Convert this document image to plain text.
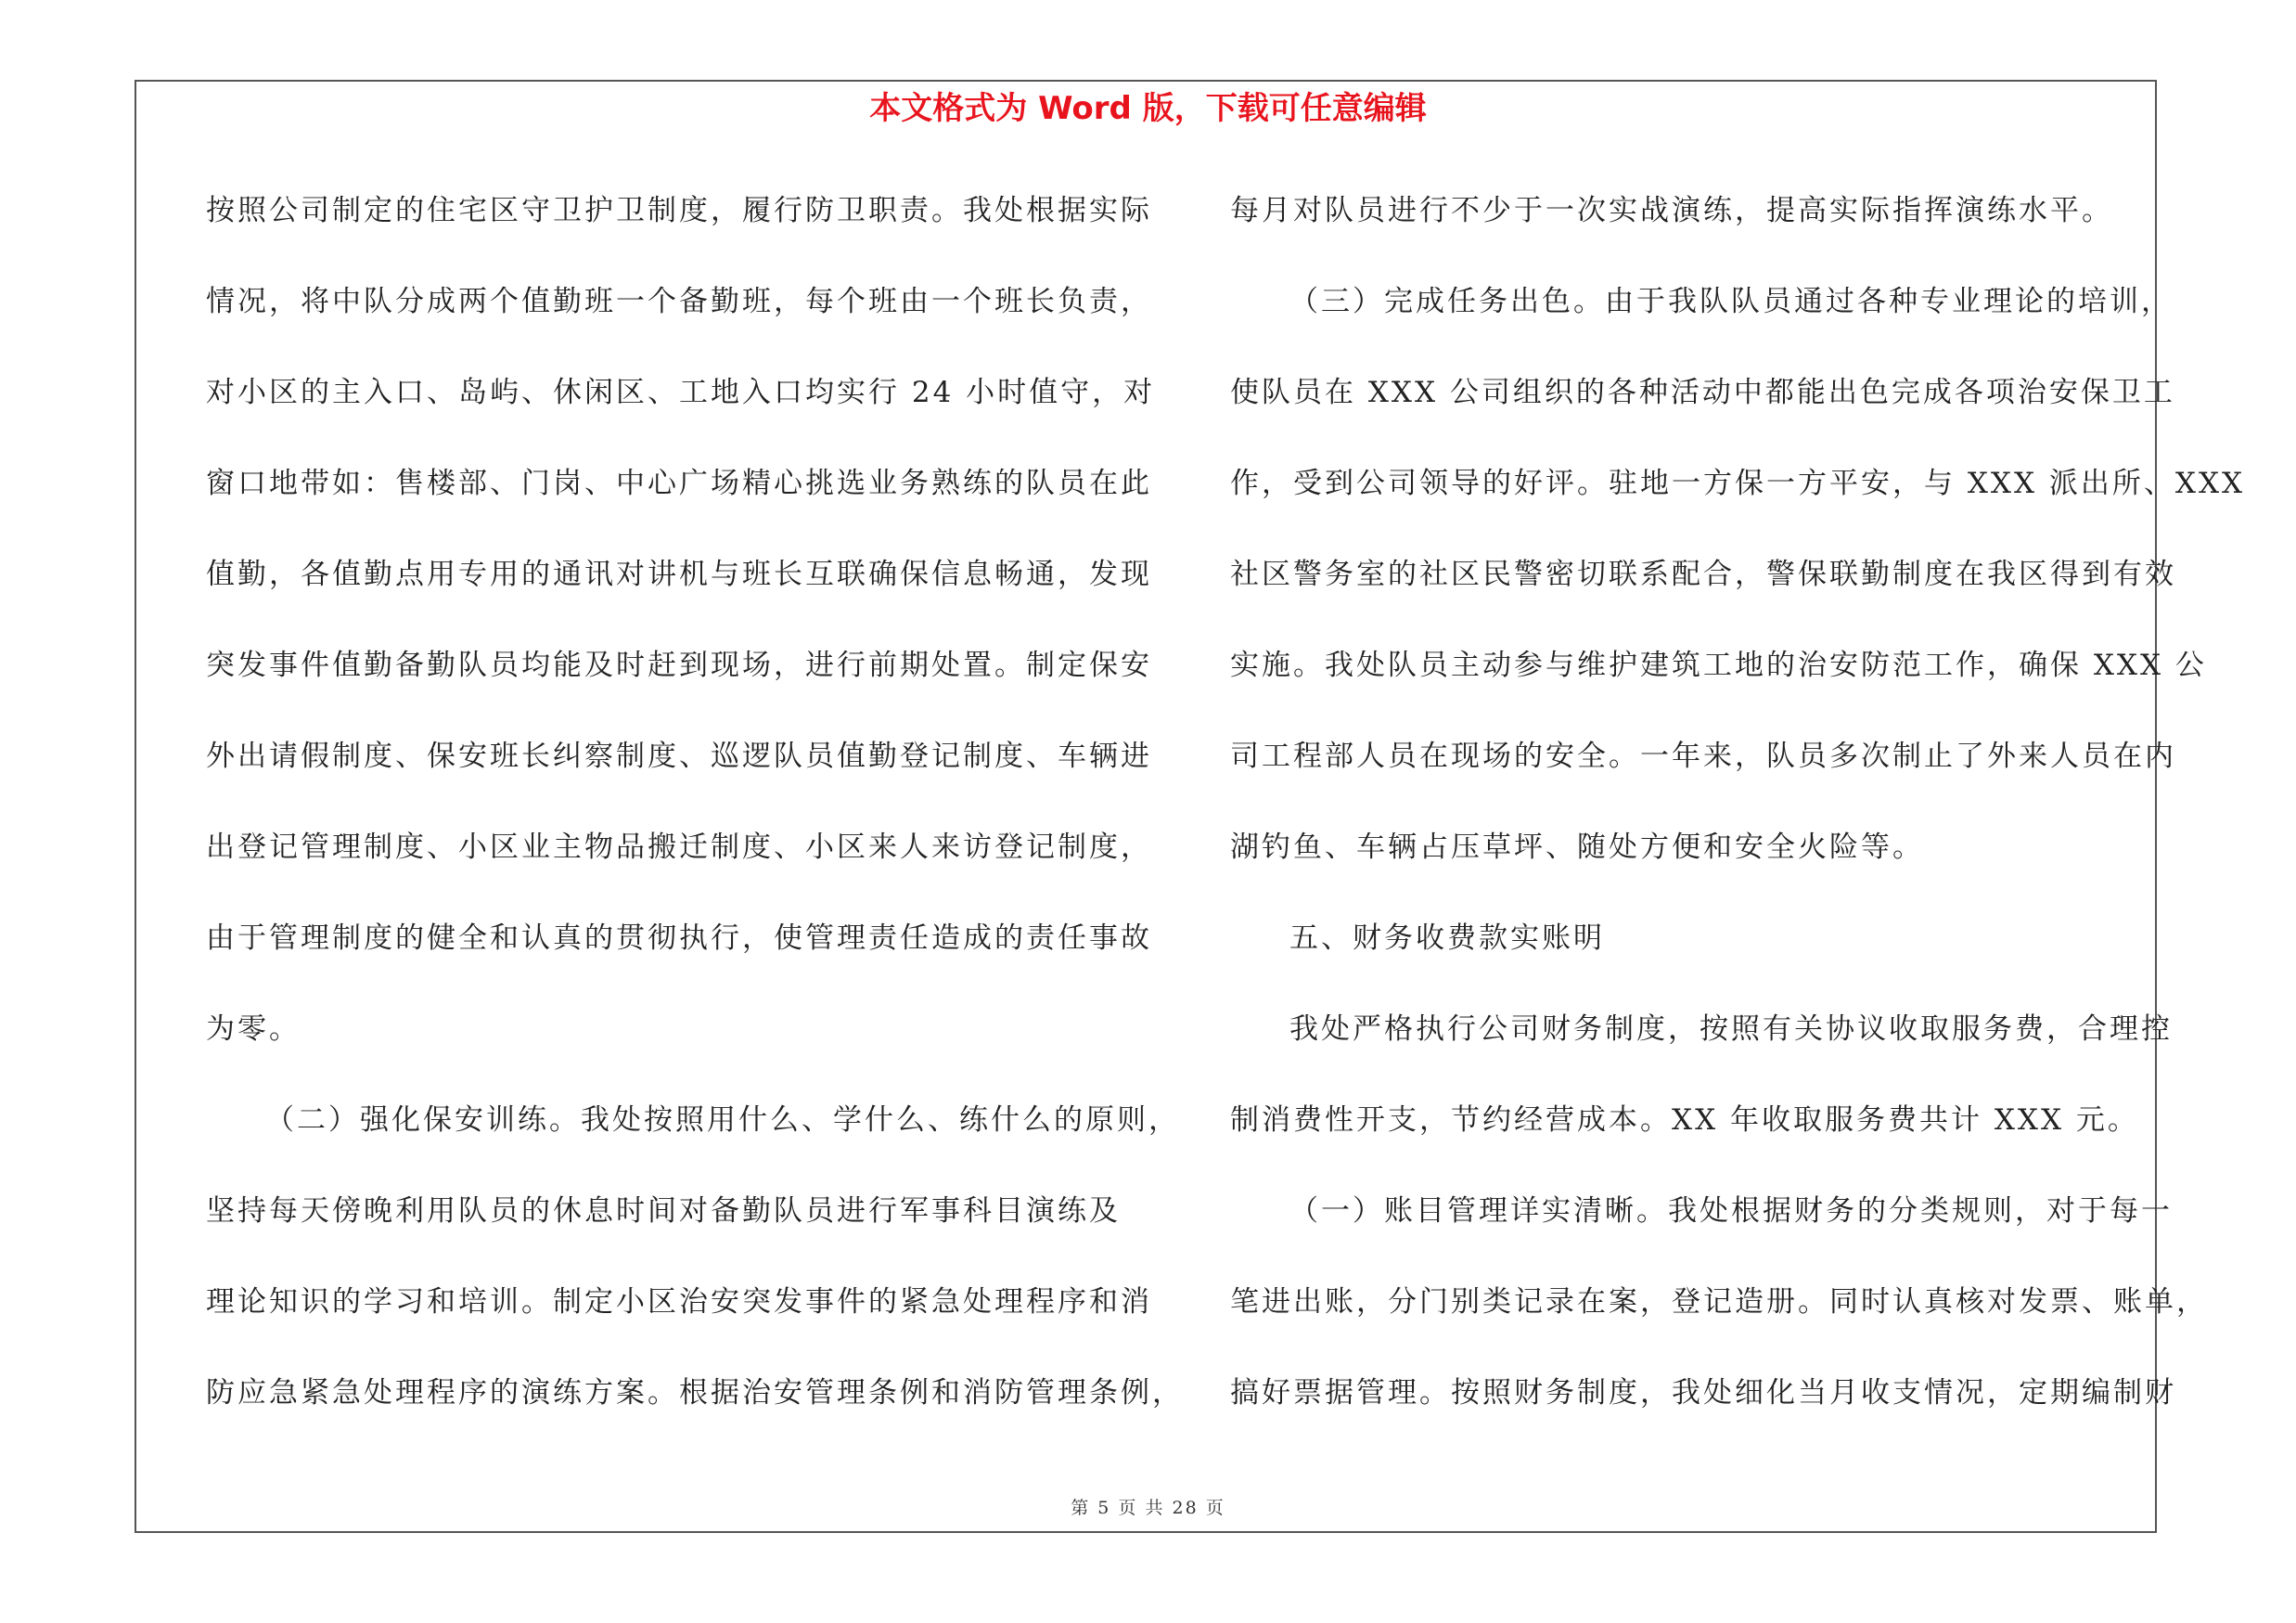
本文格式为 Word 版，下载可任意编辑
按照公司制定的住宅区守卫护卫制度，履行防卫职责。我处根据实际
情况，将中队分成两个值勤班一个备勤班，每个班由一个班长负责，
对小区的主入口、岛屿、休闲区、工地入口均实行 24 小时值守，对
窗口地带如：售楼部、门岗、中心广场精心挑选业务熟练的队员在此
值勤，各值勤点用专用的通讯对讲机与班长互联确保信息畅通，发现
突发事件值勤备勤队员均能及时赶到现场，进行前期处置。制定保安
外出请假制度、保安班长纠察制度、巡逻队员值勤登记制度、车辆进
出登记管理制度、小区业主物品搬迁制度、小区来人来访登记制度，
由于管理制度的健全和认真的贯彻执行，使管理责任造成的责任事故
为零。
（二）强化保安训练。我处按照用什么、学什么、练什么的原则，
坚持每天傍晚利用队员的休息时间对备勤队员进行军事科目演练及
理论知识的学习和培训。制定小区治安突发事件的紧急处理程序和消
防应急紧急处理程序的演练方案。根据治安管理条例和消防管理条例，
每月对队员进行不少于一次实战演练，提高实际指挥演练水平。
（三）完成任务出色。由于我队队员通过各种专业理论的培训，
使队员在 XXX 公司组织的各种活动中都能出色完成各项治安保卫工
作，受到公司领导的好评。驻地一方保一方平安，与 XXX 派出所、XXX
社区警务室的社区民警密切联系配合，警保联勤制度在我区得到有效
实施。我处队员主动参与维护建筑工地的治安防范工作，确保 XXX 公
司工程部人员在现场的安全。一年来，队员多次制止了外来人员在内
湖钓鱼、车辆占压草坪、随处方便和安全火险等。
五、财务收费款实账明
我处严格执行公司财务制度，按照有关协议收取服务费，合理控
制消费性开支，节约经营成本。XX 年收取服务费共计 XXX 元。
（一）账目管理详实清晰。我处根据财务的分类规则，对于每一
笔进出账，分门别类记录在案，登记造册。同时认真核对发票、账单，
搞好票据管理。按照财务制度，我处细化当月收支情况，定期编制财
第 5 页 共 28 页
